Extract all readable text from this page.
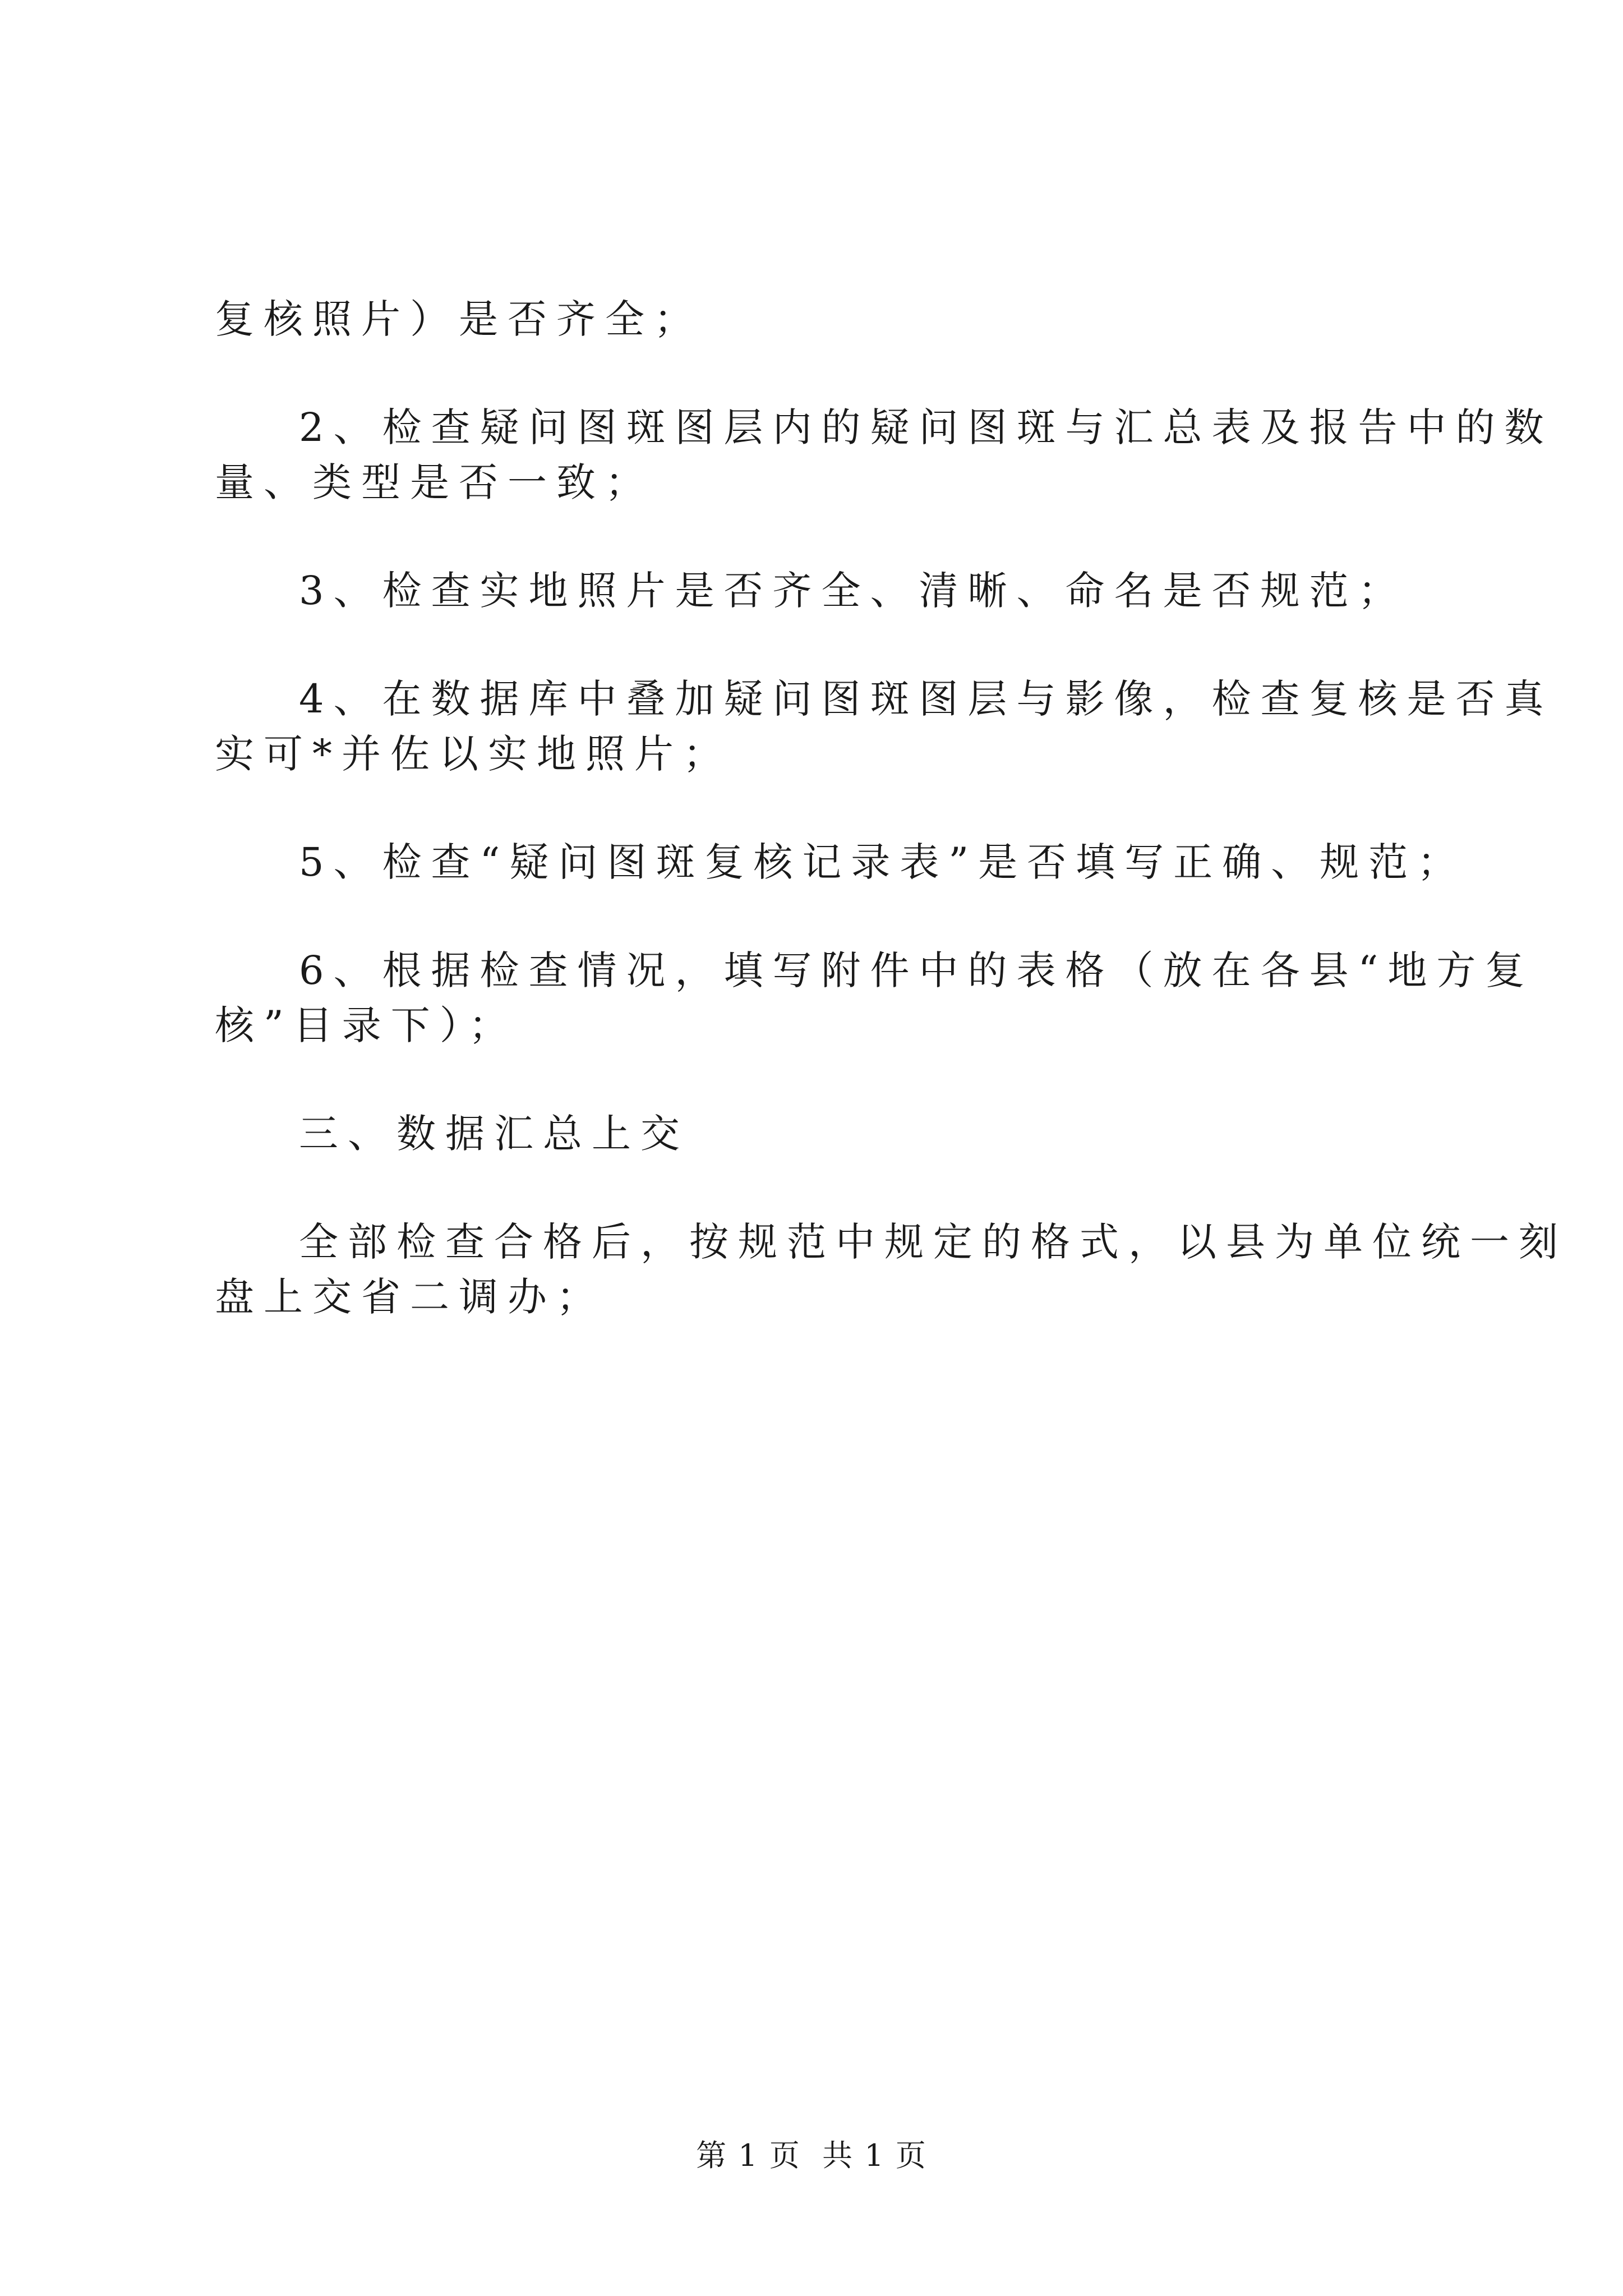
复核照片）是否齐全；
2、检查疑问图斑图层内的疑问图斑与汇总表及报告中的数
量、类型是否一致；
3、检查实地照片是否齐全、清晰、命名是否规范；
4、在数据库中叠加疑问图斑图层与影像，检查复核是否真
实可*并佐以实地照片；
5、检查“疑问图斑复核记录表”是否填写正确、规范；
6、根据检查情况，填写附件中的表格（放在各县“地方复
核”目录下）；
三、数据汇总上交
全部检查合格后，按规范中规定的格式，以县为单位统一刻
盘上交省二调办；
第 1 页  共 1 页
